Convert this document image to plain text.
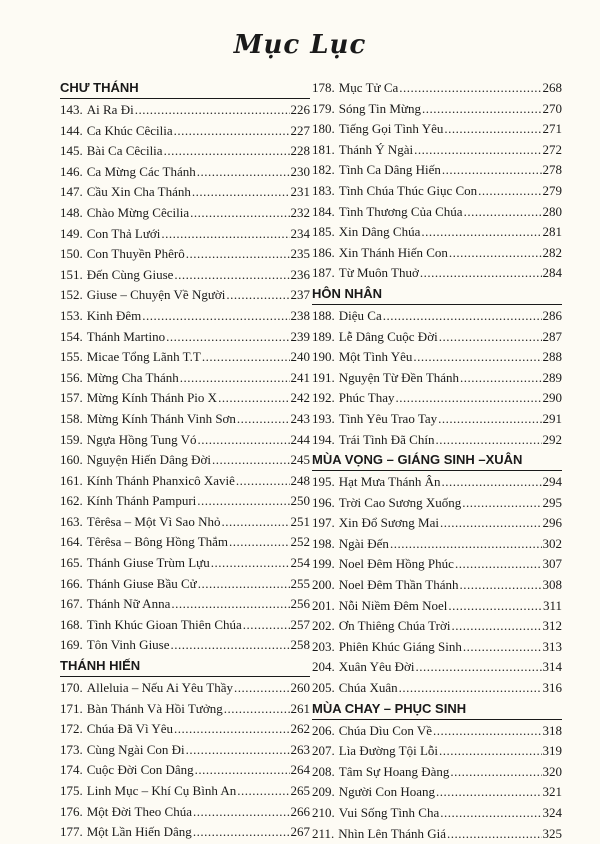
Mục Lục
CHƯ THÁNH
143. Ai Ra Đi .....	226
144. Ca Khúc Cêcilia .....	227
145. Bài Ca Cêcilia .....	228
146. Ca Mừng Các Thánh .....	230
147. Cầu Xin Cha Thánh .....	231
148. Chào Mừng Cêcilia .....	232
149. Con Thả Lưới .....	234
150. Con Thuyền Phêrô .....	235
151. Đến Cùng Giuse .....	236
152. Giuse – Chuyện Về Người .....	237
153. Kinh Đêm .....	238
154. Thánh Martino .....	239
155. Micae Tổng Lãnh T.T .....	240
156. Mừng Cha Thánh .....	241
157. Mừng Kính Thánh Pio X .....	242
158. Mừng Kính Thánh Vinh Sơn .....	243
159. Ngựa Hồng Tung Vó .....	244
160. Nguyện Hiến Dâng Đời .....	245
161. Kính Thánh Phanxicô Xaviê .....	248
162. Kính Thánh Pampuri .....	250
163. Têrêsa – Một Vì Sao Nhỏ .....	251
164. Têrêsa – Bông Hồng Thắm .....	252
165. Thánh Giuse Trùm Lựu .....	254
166. Thánh Giuse Bầu Cử .....	255
167. Thánh Nữ Anna .....	256
168. Tình Khúc Gioan Thiên Chúa .....	257
169. Tôn Vinh Giuse .....	258
THÁNH HIẾN
170. Alleluia – Nếu Ai Yêu Thầy .....	260
171. Bàn Thánh Và Hồi Tưởng .....	261
172. Chúa Đã Vì Yêu .....	262
173. Cùng Ngài Con Đi .....	263
174. Cuộc Đời Con Dâng .....	264
175. Linh Mục – Khí Cụ Bình An .....	265
176. Một Đời Theo Chúa .....	266
177. Một Lần Hiến Dâng .....	267
178. Mục Tử Ca .....	268
179. Sóng Tin Mừng .....	270
180. Tiếng Gọi Tình Yêu .....	271
181. Thánh Ý Ngài .....	272
182. Tình Ca Dâng Hiến .....	278
183. Tình Chúa Thúc Giục Con .....	279
184. Tình Thương Của Chúa .....	280
185. Xin Dâng Chúa .....	281
186. Xin Thánh Hiến Con .....	282
187. Từ Muôn Thuở .....	284
HÔN NHÂN
188. Diệu Ca .....	286
189. Lễ Dâng Cuộc Đời .....	287
190. Một Tình Yêu .....	288
191. Nguyện Từ Đền Thánh .....	289
192. Phúc Thay .....	290
193. Tình Yêu Trao Tay .....	291
194. Trái Tình Đã Chín .....	292
MÙA VỌNG – GIÁNG SINH –XUÂN
195. Hạt Mưa Thánh Ân .....	294
196. Trời Cao Sương Xuống .....	295
197. Xin Đổ Sương Mai .....	296
198. Ngài Đến .....	302
199. Noel Đêm Hồng Phúc .....	307
200. Noel Đêm Thần Thánh .....	308
201. Nỗi Niềm Đêm Noel .....	311
202. Ơn Thiêng Chúa Trời .....	312
203. Phiên Khúc Giáng Sinh .....	313
204. Xuân Yêu Đời .....	314
205. Chúa Xuân .....	316
MÙA CHAY – PHỤC SINH
206. Chúa Dìu Con Về .....	318
207. Lìa Đường Tội Lỗi .....	319
208. Tâm Sự Hoang Đàng .....	320
209. Người Con Hoang .....	321
210. Vui Sống Tình Cha .....	324
211. Nhìn Lên Thánh Giá .....	325
